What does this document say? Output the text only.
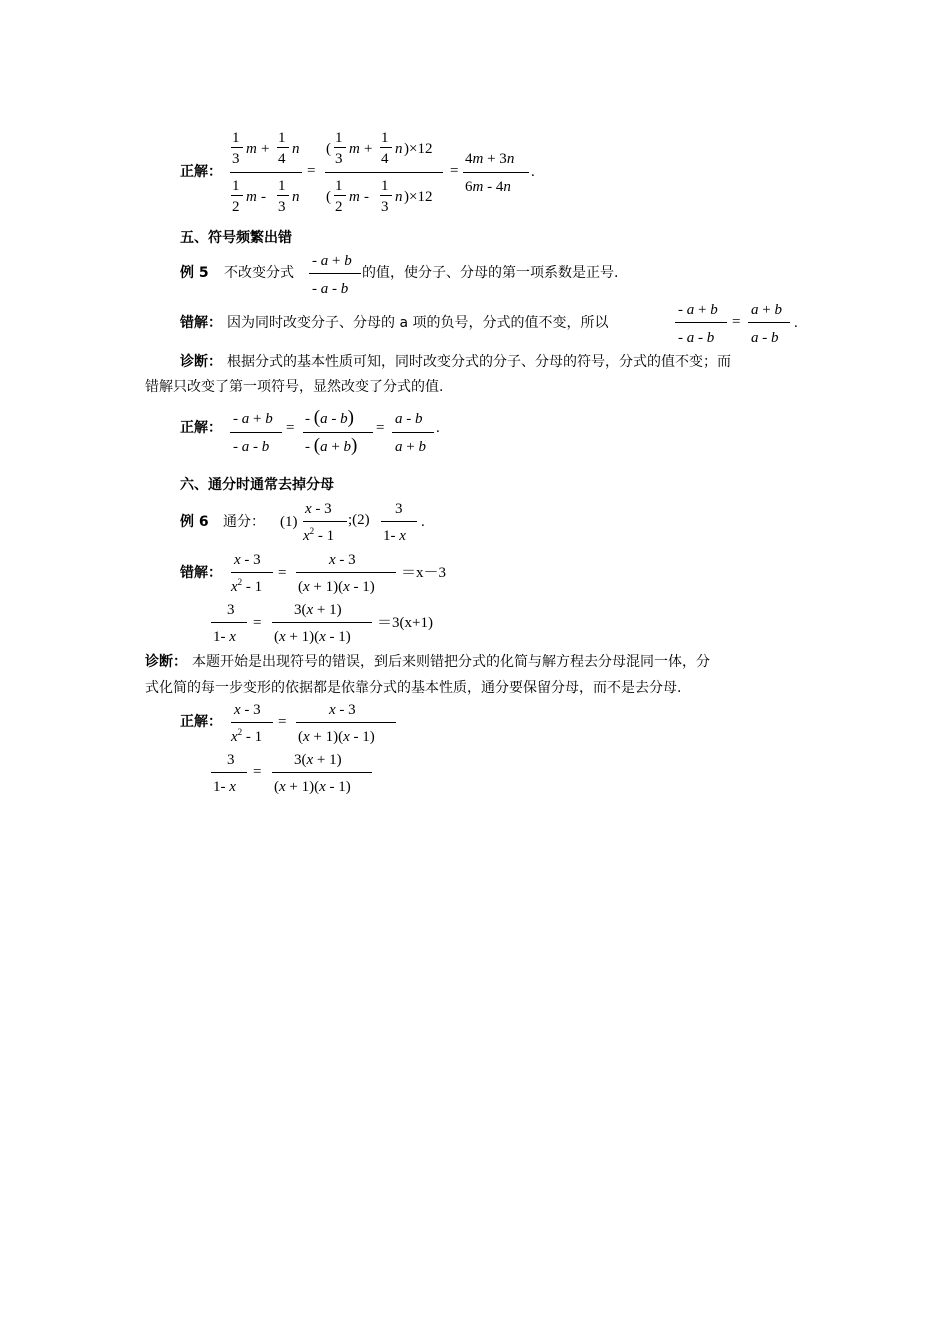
正解：
1
3
m +
1
4
n
1
2
m -
1
3
n
=
(
1
3
m +
1
4
n )×12
(
1
2
m -
1
3
n )×12
=
4m + 3n
6m - 4n
.
五、符号频繁出错
例 5 不改变分式
- a + b
- a - b
的值，使分子、分母的第一项系数是正号.
错解： 因为同时改变分子、分母的 a 项的负号，分式的值不变，所以
- a + b
- a - b
=
a + b
a - b
.
诊断： 根据分式的基本性质可知，同时改变分式的分子、分母的符号，分式的值不变；而
错解只改变了第一项符号，显然改变了分式的值.
正解：
- a + b
- a - b
=
- (a - b)
- (a + b)
=
a - b
a + b
.
六、通分时通常去掉分母
例 6 通分： (1)
x - 3
$x^2 - 1$
;(2)
3
1- x
.
错解：
x - 3
$x^2 - 1$
=
x - 3
(x + 1)(x - 1)
＝x－3
3
1- x
=
3(x + 1)
(x + 1)(x - 1)
＝3(x+1)
诊断： 本题开始是出现符号的错误，到后来则错把分式的化简与解方程去分母混同一体，分
式化简的每一步变形的依据都是依靠分式的基本性质，通分要保留分母，而不是去分母.
正解：
x - 3
$x^2 - 1$
=
x - 3
(x + 1)(x - 1)
3
1- x
=
3(x + 1)
(x + 1)(x - 1)
